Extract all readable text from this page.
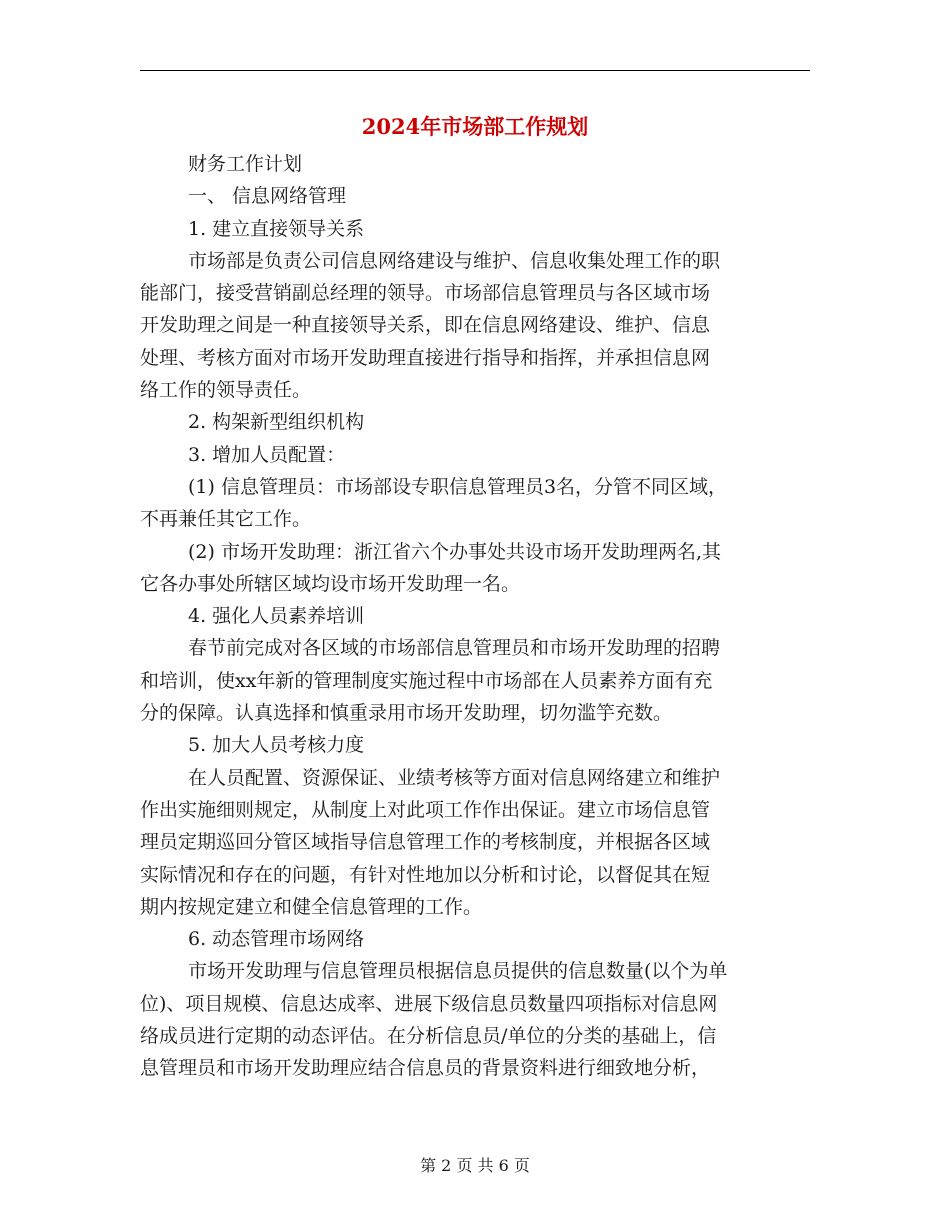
2024年市场部工作规划

财务工作计划

一、 信息网络管理

1. 建立直接领导关系

市场部是负责公司信息网络建设与维护、信息收集处理工作的职

能部门，接受营销副总经理的领导。市场部信息管理员与各区域市场

开发助理之间是一种直接领导关系，即在信息网络建设、维护、信息

处理、考核方面对市场开发助理直接进行指导和指挥，并承担信息网

络工作的领导责任。

2. 构架新型组织机构

3. 增加人员配置：

(1) 信息管理员：市场部设专职信息管理员3名，分管不同区域，

不再兼任其它工作。

(2) 市场开发助理：浙江省六个办事处共设市场开发助理两名,其

它各办事处所辖区域均设市场开发助理一名。

4. 强化人员素养培训

春节前完成对各区域的市场部信息管理员和市场开发助理的招聘

和培训，使xx年新的管理制度实施过程中市场部在人员素养方面有充

分的保障。认真选择和慎重录用市场开发助理，切勿滥竽充数。

5. 加大人员考核力度

在人员配置、资源保证、业绩考核等方面对信息网络建立和维护

作出实施细则规定，从制度上对此项工作作出保证。建立市场信息管

理员定期巡回分管区域指导信息管理工作的考核制度，并根据各区域

实际情况和存在的问题，有针对性地加以分析和讨论，以督促其在短

期内按规定建立和健全信息管理的工作。

6. 动态管理市场网络

市场开发助理与信息管理员根据信息员提供的信息数量(以个为单

位)、项目规模、信息达成率、进展下级信息员数量四项指标对信息网

络成员进行定期的动态评估。在分析信息员/单位的分类的基础上，信

息管理员和市场开发助理应结合信息员的背景资料进行细致地分析，

第 2 页 共 6 页
